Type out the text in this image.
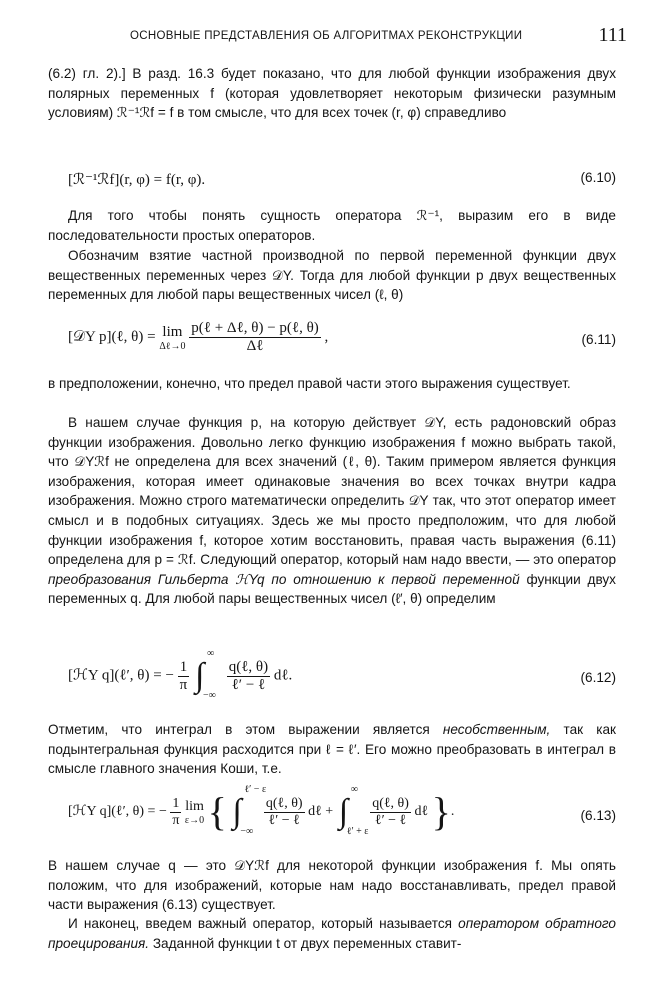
ОСНОВНЫЕ ПРЕДСТАВЛЕНИЯ ОБ АЛГОРИТМАХ РЕКОНСТРУКЦИИ	111
(6.2) гл. 2).] В разд. 16.3 будет показано, что для любой функции изображения двух полярных переменных f (которая удовлетворяет некоторым физически разумным условиям) ℛ⁻¹ℛf = f в том смысле, что для всех точек (r, φ) справедливо
[ℛ⁻¹ℛf](r, φ) = f(r, φ).	(6.10)
Для того чтобы понять сущность оператора ℛ⁻¹, выразим его в виде последовательности простых операторов.
Обозначим взятие частной производной по первой переменной функции двух вещественных переменных через 𝒟Y. Тогда для любой функции p двух вещественных переменных для любой пары вещественных чисел (ℓ, θ)
[𝒟Y p](ℓ, θ) = lim
Δℓ→0
$\frac{\text{p(ℓ + Δℓ, θ) − p(ℓ, θ)}}{\text{Δℓ}}$ ,	(6.11)
в предположении, конечно, что предел правой части этого выражения существует.
В нашем случае функция p, на которую действует 𝒟Y, есть радоновский образ функции изображения. Довольно легко функцию изображения f можно выбрать такой, что 𝒟Yℛf не определена для всех значений (ℓ, θ). Таким примером является функция изображения, которая имеет одинаковые значения во всех точках внутри кадра изображения. Можно строго математически определить 𝒟Y так, что этот оператор имеет смысл и в подобных ситуациях. Здесь же мы просто предположим, что для любой функции изображения f, которое хотим восстановить, правая часть выражения (6.11) определена для p = ℛf. Следующий оператор, который нам надо ввести, — это оператор преобразования Гильберта ℋYq по отношению к первой переменной функции двух переменных q. Для любой пары вещественных чисел (ℓ′, θ) определим
[ℋY q](ℓ′, θ) = − $\frac{1}{\pi}$
∫
∞
−∞

$\frac{\text{q(ℓ, θ)}}{\text{ℓ′ − ℓ}}$ dℓ.	(6.12)
Отметим, что интеграл в этом выражении является несобственным, так как подынтегральная функция расходится при ℓ = ℓ′. Его можно преобразовать в интеграл в смысле главного значения Коши, т.е.
[ℋY q](ℓ′, θ) = − $\frac{1}{\pi}$
lim
ε→0 { ∫
ℓ′ − ε
−∞

$\frac{\text{q(ℓ, θ)}}{\text{ℓ′ − ℓ}}$ dℓ + ∫
∞
ℓ′ + ε

$\frac{\text{q(ℓ, θ)}}{\text{ℓ′ − ℓ}}$ dℓ }.	(6.13)
В нашем случае q — это 𝒟Yℛf для некоторой функции изображения f. Мы опять положим, что для изображений, которые нам надо восстанавливать, предел правой части выражения (6.13) существует.
И наконец, введем важный оператор, который называется оператором обратного проецирования. Заданной функции t от двух переменных ставит-
